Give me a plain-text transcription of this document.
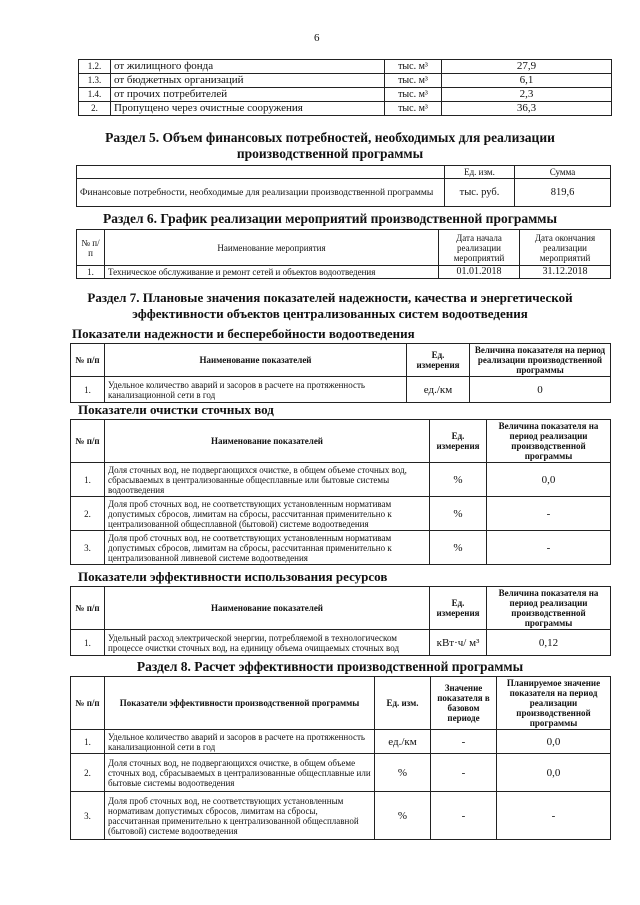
6
1.2.	от жилищного фонда	тыс. м³	27,9
1.3.	от бюджетных организаций	тыс. м³	6,1
1.4.	от прочих потребителей	тыс. м³	2,3
2.	Пропущено через очистные сооружения	тыс. м³	36,3
Раздел 5. Объем финансовых потребностей, необходимых для реализации
производственной программы
	Ед. изм.	Сумма
Финансовые потребности, необходимые для реализации производственной программы	тыс. руб.	819,6
Раздел 6. График реализации мероприятий производственной программы
№ п/п	Наименование мероприятия	Дата начала реализации мероприятий	Дата окончания реализации мероприятий
1.	Техническое обслуживание и ремонт сетей и объектов водоотведения	01.01.2018	31.12.2018
Раздел 7. Плановые значения показателей надежности, качества и энергетической
эффективности объектов централизованных систем водоотведения
Показатели надежности и бесперебойности водоотведения
№ п/п	Наименование показателей	Ед. измерения	Величина показателя на период реализации производственной программы
1.	Удельное количество аварий и засоров в расчете на протяженность канализационной сети в год	ед./км	0
Показатели очистки сточных вод
№ п/п	Наименование показателей	Ед. измерения	Величина показателя на период реализации производственной программы
1.	Доля сточных вод, не подвергающихся очистке, в общем объеме сточных вод, сбрасываемых в централизованные общесплавные или бытовые системы водоотведения	%	0,0
2.	Доля проб сточных вод, не соответствующих установленным нормативам допустимых сбросов, лимитам на сбросы, рассчитанная применительно к централизованной общесплавной (бытовой) системе водоотведения	%	-
3.	Доля проб сточных вод, не соответствующих установленным нормативам допустимых сбросов, лимитам на сбросы, рассчитанная применительно к централизованной ливневой системе водоотведения	%	-
Показатели эффективности использования ресурсов
№ п/п	Наименование показателей	Ед. измерения	Величина показателя на период реализации производственной программы
1.	Удельный расход электрической энергии, потребляемой в технологическом процессе очистки сточных вод, на единицу объема очищаемых сточных вод	кВт·ч/ м³	0,12
Раздел 8. Расчет эффективности производственной программы
№ п/п	Показатели эффективности производственной программы	Ед. изм.	Значение показателя в базовом периоде	Планируемое значение показателя на период реализации производственной программы
1.	Удельное количество аварий и засоров в расчете на протяженность канализационной сети в год	ед./км	-	0,0
2.	Доля сточных вод, не подвергающихся очистке, в общем объеме сточных вод, сбрасываемых в централизованные общесплавные или бытовые системы водоотведения	%	-	0,0
3.	Доля проб сточных вод, не соответствующих установленным нормативам допустимых сбросов, лимитам на сбросы, рассчитанная применительно к централизованной общесплавной (бытовой) системе водоотведения	%	-	-
